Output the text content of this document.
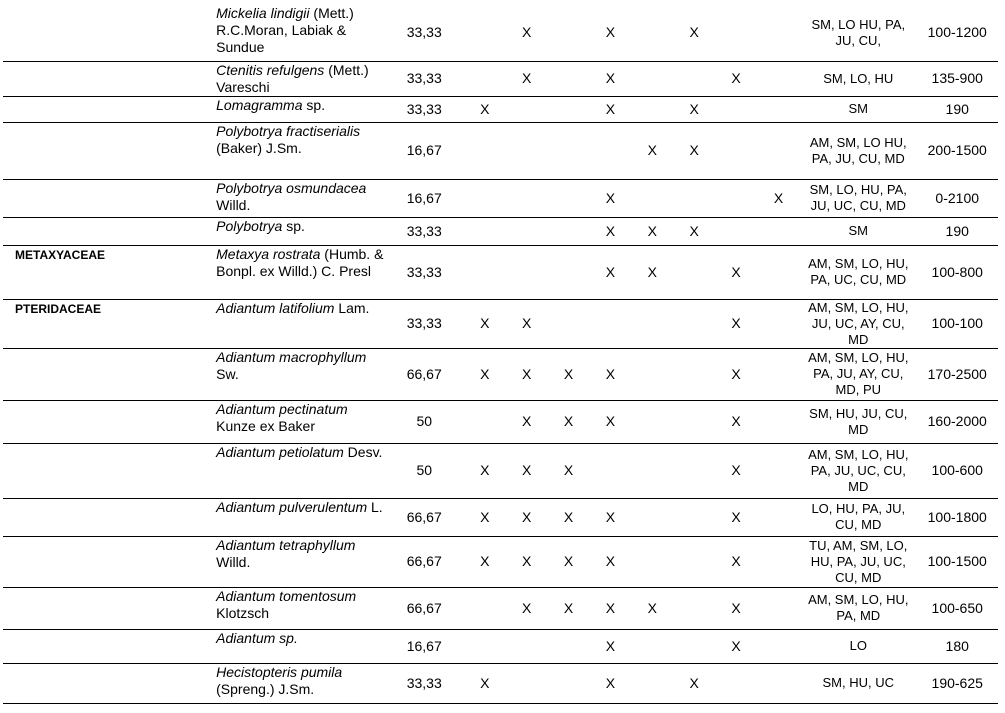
	Mickelia lindigii (Mett.) R.C.Moran, Labiak & Sundue	33,33		X		X		X			SM, LO HU, PA, JU, CU,	100-1200
	Ctenitis refulgens (Mett.) Vareschi	33,33		X		X			X		SM, LO, HU	135-900
	Lomagramma sp.	33,33	X			X		X			SM	190
	Polybotrya fractiserialis (Baker) J.Sm.	16,67					X	X			AM, SM, LO HU, PA, JU, CU, MD	200-1500
	Polybotrya osmundacea Willd.	16,67				X				X	SM, LO, HU, PA, JU, UC, CU, MD	0-2100
	Polybotrya sp.	33,33				X	X	X			SM	190
METAXYACEAE	Metaxya rostrata (Humb. & Bonpl. ex Willd.) C. Presl	33,33				X	X		X		AM, SM, LO, HU, PA, UC, CU, MD	100-800
PTERIDACEAE	Adiantum latifolium Lam.	33,33	X	X					X		AM, SM, LO, HU, JU, UC, AY, CU, MD	100-100
	Adiantum macrophyllum Sw.	66,67	X	X	X	X			X		AM, SM, LO, HU, PA, JU, AY, CU, MD, PU	170-2500
	Adiantum pectinatum Kunze ex Baker	50		X	X	X			X		SM, HU, JU, CU, MD	160-2000
	Adiantum petiolatum Desv.	50	X	X	X				X		AM, SM, LO, HU, PA, JU, UC, CU, MD	100-600
	Adiantum pulverulentum L.	66,67	X	X	X	X			X		LO, HU, PA, JU, CU, MD	100-1800
	Adiantum tetraphyllum Willd.	66,67	X	X	X	X			X		TU, AM, SM, LO, HU, PA, JU, UC, CU, MD	100-1500
	Adiantum tomentosum Klotzsch	66,67		X	X	X	X		X		AM, SM, LO, HU, PA, MD	100-650
	Adiantum sp.	16,67				X			X		LO	180
	Hecistopteris pumila (Spreng.) J.Sm.	33,33	X			X		X			SM, HU, UC	190-625
